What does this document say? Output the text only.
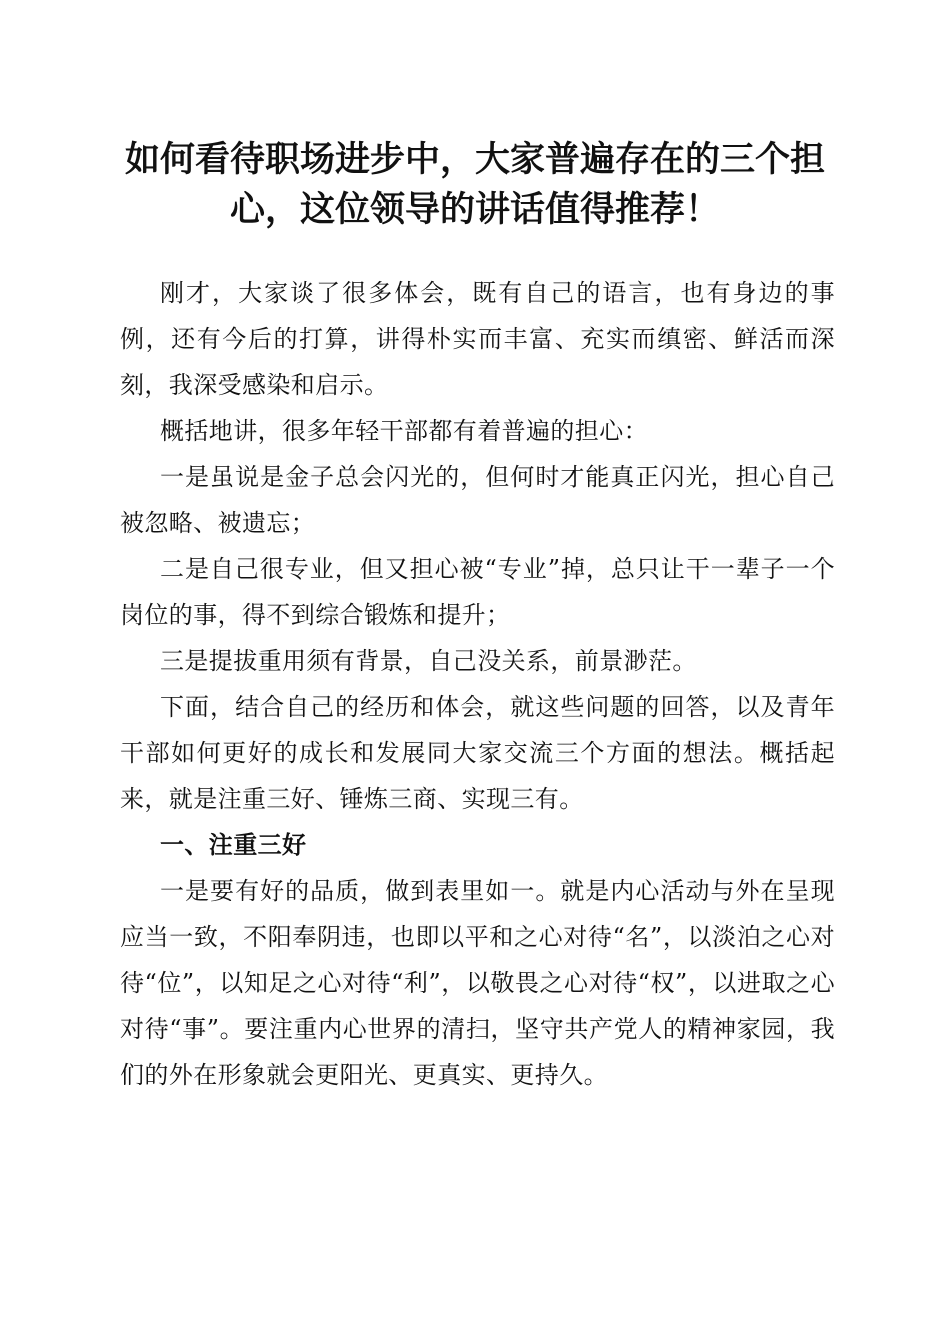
如何看待职场进步中，大家普遍存在的三个担
心，这位领导的讲话值得推荐！

刚才，大家谈了很多体会，既有自己的语言，也有身边的事例，还有今后的打算，讲得朴实而丰富、充实而缜密、鲜活而深刻，我深受感染和启示。

概括地讲，很多年轻干部都有着普遍的担心：

一是虽说是金子总会闪光的，但何时才能真正闪光，担心自己被忽略、被遗忘；

二是自己很专业，但又担心被“专业”掉，总只让干一辈子一个岗位的事，得不到综合锻炼和提升；

三是提拔重用须有背景，自己没关系，前景渺茫。

下面，结合自己的经历和体会，就这些问题的回答，以及青年干部如何更好的成长和发展同大家交流三个方面的想法。概括起来，就是注重三好、锤炼三商、实现三有。

一、注重三好

一是要有好的品质，做到表里如一。就是内心活动与外在呈现应当一致，不阳奉阴违，也即以平和之心对待“名”，以淡泊之心对待“位”，以知足之心对待“利”，以敬畏之心对待“权”，以进取之心对待“事”。要注重内心世界的清扫，坚守共产党人的精神家园，我们的外在形象就会更阳光、更真实、更持久。
